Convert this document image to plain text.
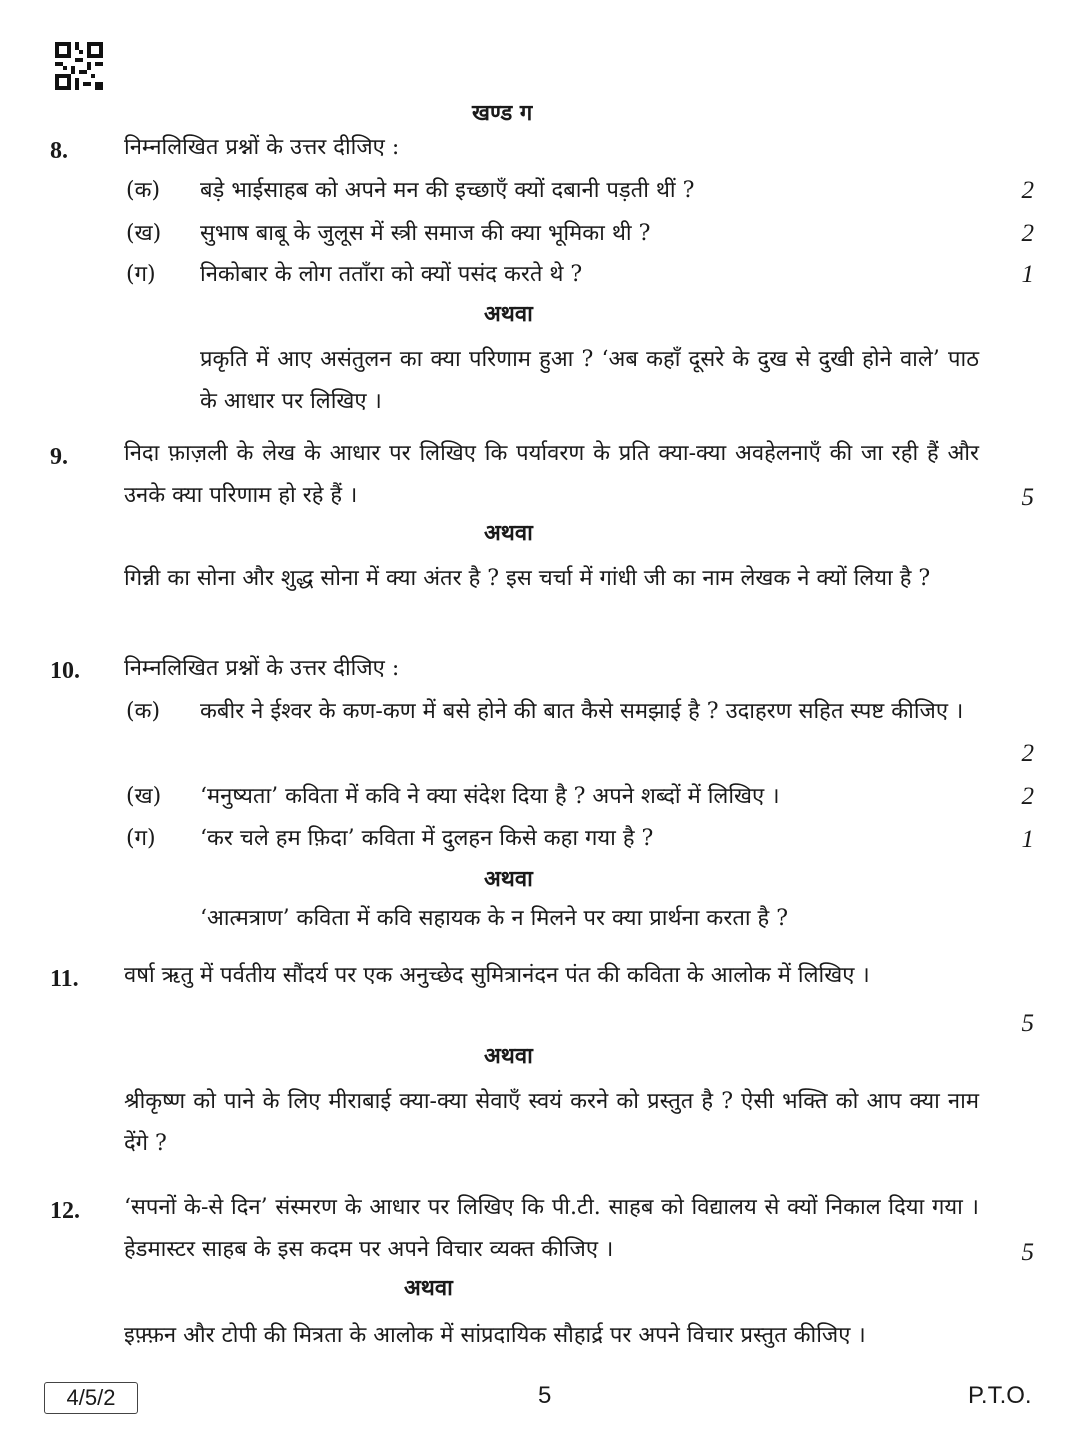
खण्ड ग
8.	निम्नलिखित प्रश्नों के उत्तर दीजिए :
(क) बड़े भाईसाहब को अपने मन की इच्छाएँ क्यों दबानी पड़ती थीं ?	2
(ख) सुभाष बाबू के जुलूस में स्त्री समाज की क्या भूमिका थी ?	2
(ग) निकोबार के लोग तताँरा को क्यों पसंद करते थे ?	1
अथवा
प्रकृति में आए असंतुलन का क्या परिणाम हुआ ? ‘अब कहाँ दूसरे के दुख से दुखी होने वाले’ पाठ के आधार पर लिखिए ।
9.	निदा फ़ाज़ली के लेख के आधार पर लिखिए कि पर्यावरण के प्रति क्या-क्या अवहेलनाएँ की जा रही हैं और उनके क्या परिणाम हो रहे हैं ।	5
अथवा
गिन्नी का सोना और शुद्ध सोना में क्या अंतर है ? इस चर्चा में गांधी जी का नाम लेखक ने क्यों लिया है ?
10. निम्नलिखित प्रश्नों के उत्तर दीजिए :
(क) कबीर ने ईश्वर के कण-कण में बसे होने की बात कैसे समझाई है ? उदाहरण सहित स्पष्ट कीजिए ।
2
(ख) ‘मनुष्यता’ कविता में कवि ने क्या संदेश दिया है ? अपने शब्दों में लिखिए ।	2
(ग) ‘कर चले हम फ़िदा’ कविता में दुलहन किसे कहा गया है ?	1
अथवा
‘आत्मत्राण’ कविता में कवि सहायक के न मिलने पर क्या प्रार्थना करता है ?
11. वर्षा ऋतु में पर्वतीय सौंदर्य पर एक अनुच्छेद सुमित्रानंदन पंत की कविता के आलोक में लिखिए ।
5
अथवा
श्रीकृष्ण को पाने के लिए मीराबाई क्या-क्या सेवाएँ स्वयं करने को प्रस्तुत है ? ऐसी भक्ति को आप क्या नाम देंगे ?
12. ‘सपनों के-से दिन’ संस्मरण के आधार पर लिखिए कि पी.टी. साहब को विद्यालय से क्यों निकाल दिया गया । हेडमास्टर साहब के इस कदम पर अपने विचार व्यक्त कीजिए ।	5
अथवा
इफ़्फ़न और टोपी की मित्रता के आलोक में सांप्रदायिक सौहार्द्र पर अपने विचार प्रस्तुत कीजिए ।
4/5/2	5	P.T.O.
